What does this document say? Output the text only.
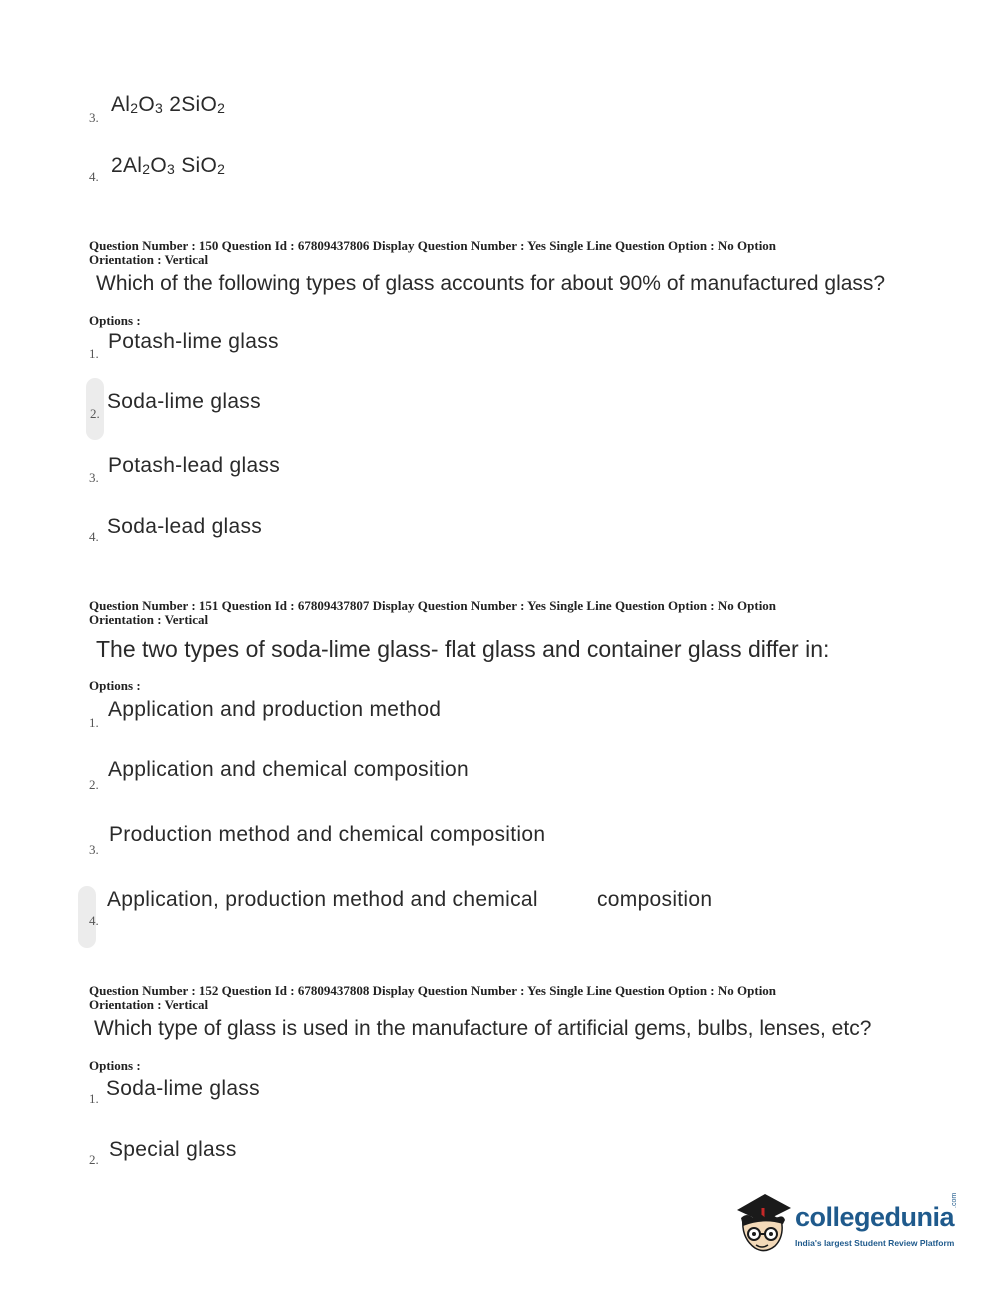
3.
$Al_2O_3$ 2SiO$_2$
4. $2Al_2O_3$ SiO$_2$
Question Number : 150 Question Id : 67809437806 Display Question Number : Yes Single Line Question Option : No Option
Orientation : Vertical
Which of the following types of glass accounts for about 90% of manufactured glass?
Options :
1.
Potash-lime glass
2.
Soda-lime glass
3.
Potash-lead glass
4. Soda-lead glass
Question Number : 151 Question Id : 67809437807 Display Question Number : Yes Single Line Question Option : No Option
Orientation : Vertical
The two types of soda-lime glass- flat glass and container glass differ in:
Options :
1.
Application and production method
2.
Application and chemical composition
3.
Production method and chemical composition
4.
Application, production method and chemical	composition
Question Number : 152 Question Id : 67809437808 Display Question Number : Yes Single Line Question Option : No Option
Orientation : Vertical
Which type of glass is used in the manufacture of artificial gems, bulbs, lenses, etc?
Options :
1. Soda-lime glass
2. Special glass
collegedunia
.com
India's largest Student Review Platform
